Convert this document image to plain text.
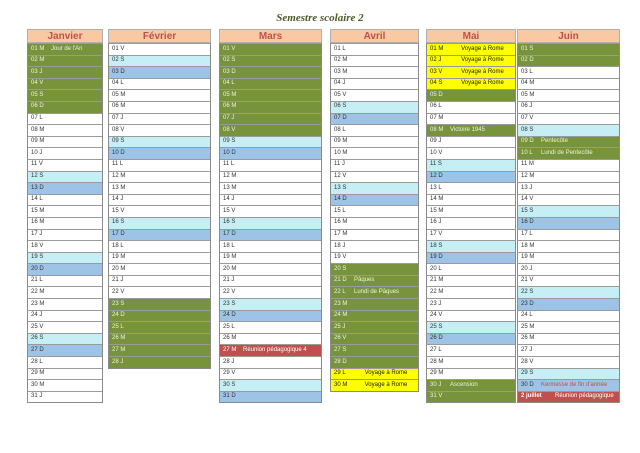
Semestre scolaire 2
Janvier
01 M	Jour de l'An
02 M
03 J
04 V
05 S
06 D
07 L
08 M
09 M
10 J
11 V
12 S
13 D
14 L
15 M
16 M
17 J
18 V
19 S
20 D
21 L
22 M
23 M
24 J
25 V
26 S
27 D
28 L
29 M
30 M
31 J
Février
01 V
02 S
03 D
04 L
05 M
06 M
07 J
08 V
09 S
10 D
11 L
12 M
13 M
14 J
15 V
16 S
17 D
18 L
19 M
20 M
21 J
22 V
23 S
24 D
25 L
26 M
27 M
28 J
Mars
01 V
02 S
03 D
04 L
05 M
06 M
07 J
08 V
09 S
10 D
11 L
12 M
13 M
14 J
15 V
16 S
17 D
18 L
19 M
20 M
21 J
22 V
23 S
24 D
25 L
26 M
27 M	Réunion pédagogique 4
28 J
29 V
30 S
31 D
Avril
01 L
02 M
03 M
04 J
05 V
06 S
07 D
08 L
09 M
10 M
11 J
12 V
13 S
14 D
15 L
16 M
17 M
18 J
19 V
20 S
21 D	Pâques
22 L	Lundi de Pâques
23 M
24 M
25 J
26 V
27 S
28 D
29 L	Voyage à Rome
30 M	Voyage à Rome
Mai
01 M	Voyage à Rome
02 J	Voyage à Rome
03 V	Voyage à Rome
04 S	Voyage à Rome
05 D
06 L
07 M
08 M	Victoire 1945
09 J
10 V
11 S
12 D
13 L
14 M
15 M
16 J
17 V
18 S
19 D
20 L
21 M
22 M
23 J
24 V
25 S
26 D
27 L
28 M
29 M
30 J	Ascension
31 V
Juin
01 S
02 D
03 L
04 M
05 M
06 J
07 V
08 S
09 D	Pentecôte
10 L	Lundi de Pentecôte
11 M
12 M
13 J
14 V
15 S
16 D
17 L
18 M
19 M
20 J
21 V
22 S
23 D
24 L
25 M
26 M
27 J
28 V
29 S
30 D	Kermesse de fin d'année
2 juillet	Réunion pédagogique
